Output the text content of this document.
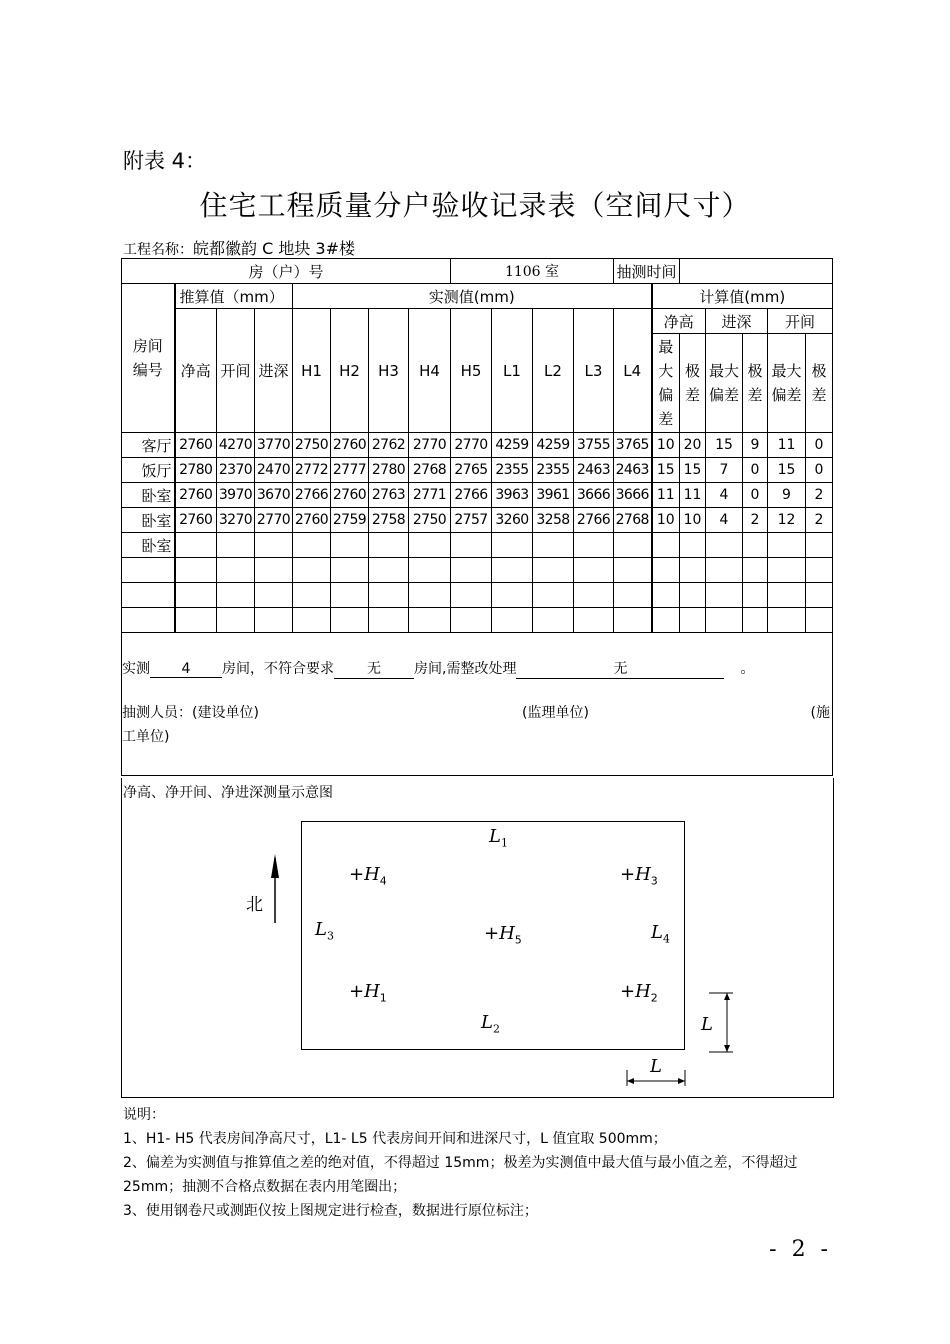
附表 4：
住宅工程质量分户验收记录表（空间尺寸）
工程名称：皖都徽韵 C 地块 3#楼
房（户）号								1106 室				抽测时间						

房间编号	推算值（mm）			实测值(mm)									计算值(mm)					
	净高	开间	进深	H1	H2	H3	H4	H5	L1	L2	L3	L4	净高		进深		开间	

													最大偏差	极差	最大偏差	极差	最大偏差	极差

客厅	2760	4270	3770	2750	2760	2762	2770	2770	4259	4259	3755	3765	10	20	15	9	11	0
饭厅	2780	2370	2470	2772	2777	2780	2768	2765	2355	2355	2463	2463	15	15	7	0	15	0
卧室	2760	3970	3670	2766	2760	2763	2771	2766	3963	3961	3666	3666	11	11	4	0	9	2
卧室	2760	3270	2770	2760	2759	2758	2750	2757	3260	3258	2766	2768	10	10	4	2	12	2
卧室																		

实测 4 房间，不符合要求 无 房间,需整改处理 无 。
抽测人员：(建设单位) (监理单位) (施
工单位)																		
净高、净开间、净进深测量示意图
北
$L_1$
$L_2$
$L_3$	$L_4$
$+H_4$	$+H_3$
$+H_5$
$+H_1$	$+H_2$
L
L
说明：
1、H1- H5 代表房间净高尺寸，L1- L5 代表房间开间和进深尺寸，L 值宜取 500mm；
2、偏差为实测值与推算值之差的绝对值，不得超过 15mm；极差为实测值中最大值与最小值之差，不得超过 25mm；抽测不合格点数据在表内用笔圈出；
3、使用钢卷尺或测距仪按上图规定进行检查，数据进行原位标注；
- 2 -
